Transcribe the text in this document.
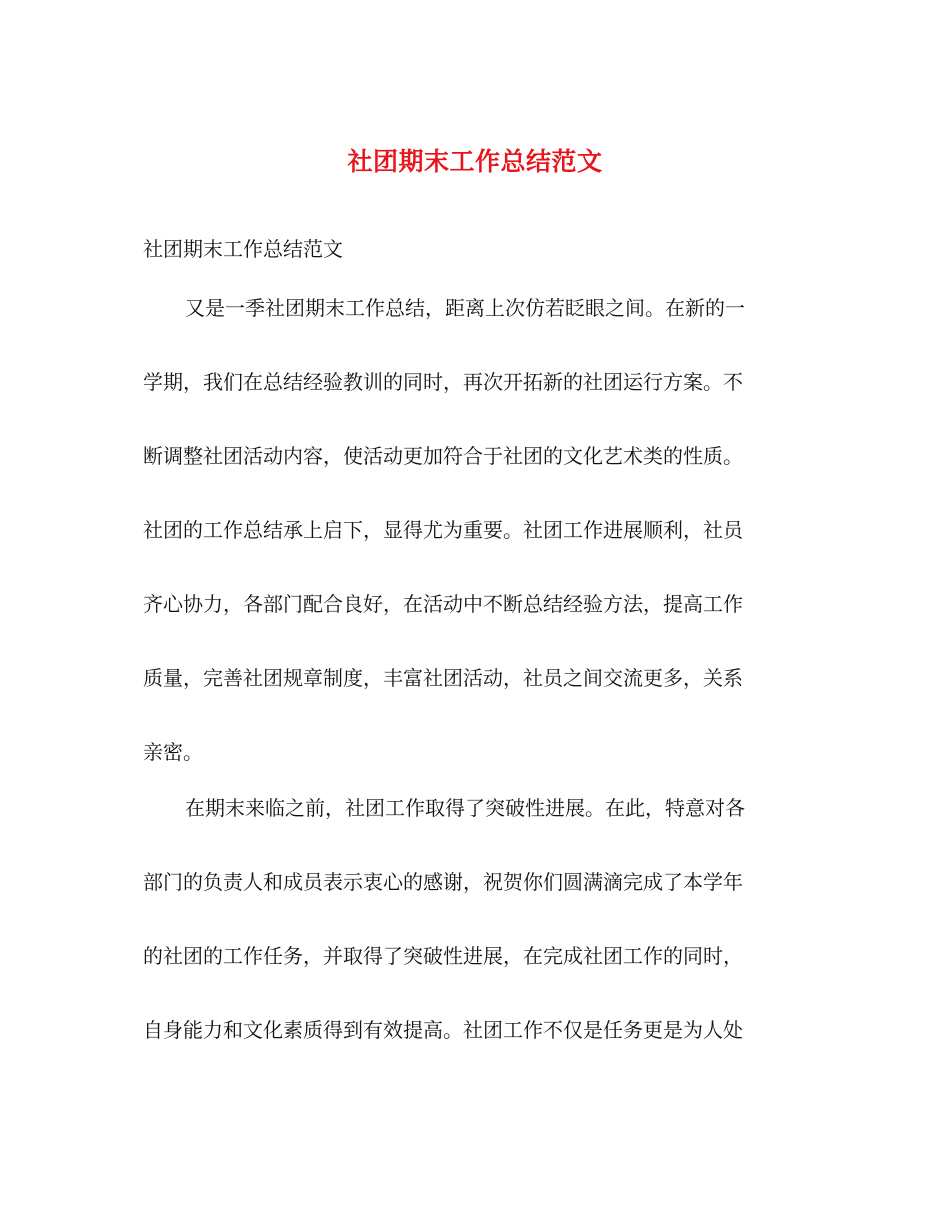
社团期末工作总结范文

社团期末工作总结范文

又是一季社团期末工作总结，距离上次仿若眨眼之间。在新的一
学期，我们在总结经验教训的同时，再次开拓新的社团运行方案。不
断调整社团活动内容，使活动更加符合于社团的文化艺术类的性质。
社团的工作总结承上启下，显得尤为重要。社团工作进展顺利，社员
齐心协力，各部门配合良好，在活动中不断总结经验方法，提高工作
质量，完善社团规章制度，丰富社团活动，社员之间交流更多，关系
亲密。
在期末来临之前，社团工作取得了突破性进展。在此，特意对各
部门的负责人和成员表示衷心的感谢，祝贺你们圆满滴完成了本学年
的社团的工作任务，并取得了突破性进展，在完成社团工作的同时，
自身能力和文化素质得到有效提高。社团工作不仅是任务更是为人处
